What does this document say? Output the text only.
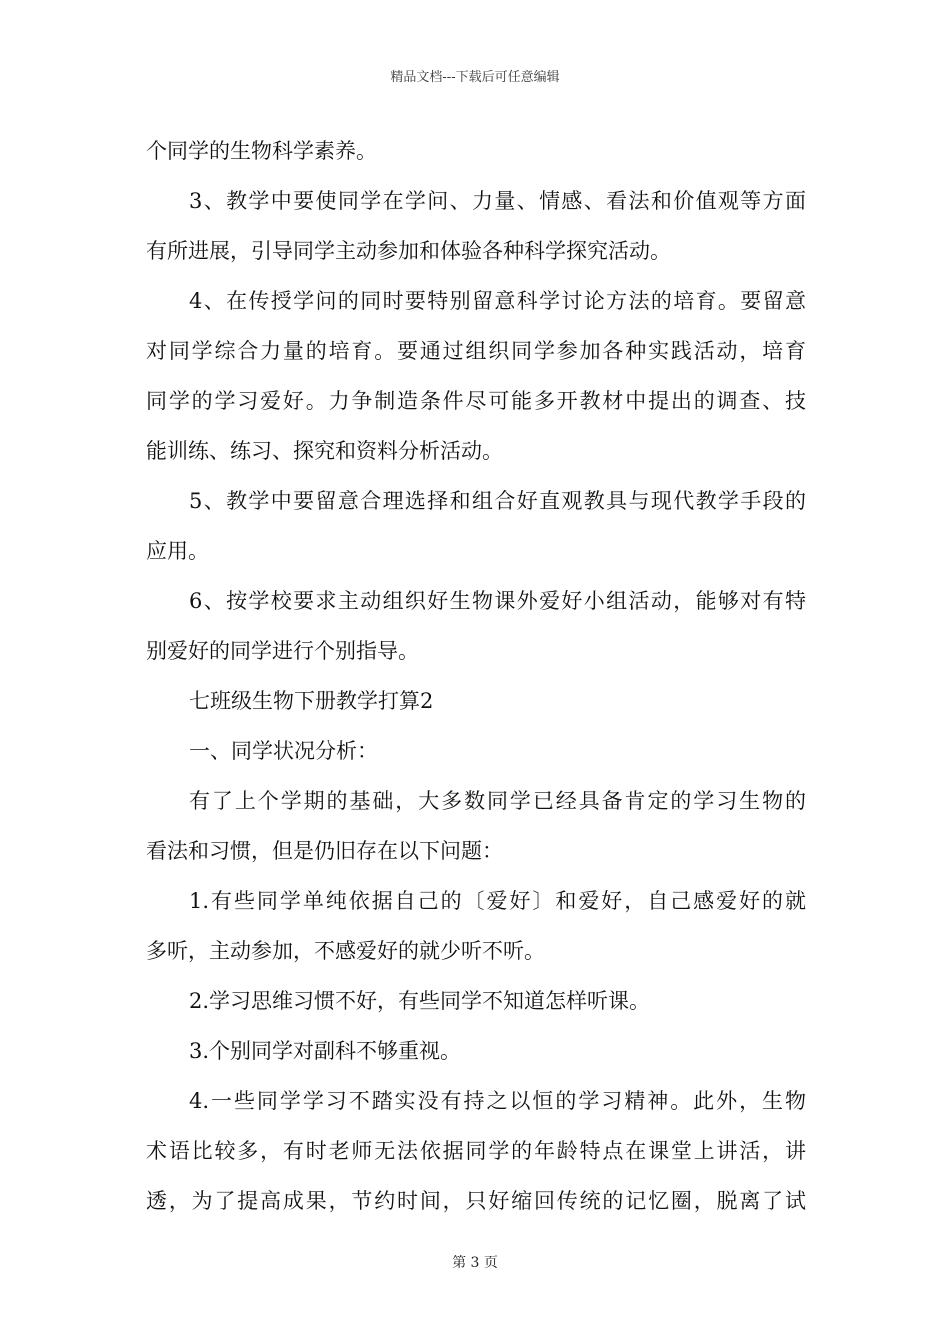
精品文档---下载后可任意编辑
个同学的生物科学素养。
3、教学中要使同学在学问、力量、情感、看法和价值观等方面
有所进展，引导同学主动参加和体验各种科学探究活动。
4、在传授学问的同时要特别留意科学讨论方法的培育。要留意
对同学综合力量的培育。要通过组织同学参加各种实践活动，培育
同学的学习爱好。力争制造条件尽可能多开教材中提出的调查、技
能训练、练习、探究和资料分析活动。
5、教学中要留意合理选择和组合好直观教具与现代教学手段的
应用。
6、按学校要求主动组织好生物课外爱好小组活动，能够对有特
别爱好的同学进行个别指导。
七班级生物下册教学打算2
一、同学状况分析：
有了上个学期的基础，大多数同学已经具备肯定的学习生物的
看法和习惯，但是仍旧存在以下问题：
1.有些同学单纯依据自己的〔爱好〕和爱好，自己感爱好的就
多听，主动参加，不感爱好的就少听不听。
2.学习思维习惯不好，有些同学不知道怎样听课。
3.个别同学对副科不够重视。
4.一些同学学习不踏实没有持之以恒的学习精神。此外，生物
术语比较多，有时老师无法依据同学的年龄特点在课堂上讲活，讲
透，为了提高成果，节约时间，只好缩回传统的记忆圈，脱离了试
第 3 页
